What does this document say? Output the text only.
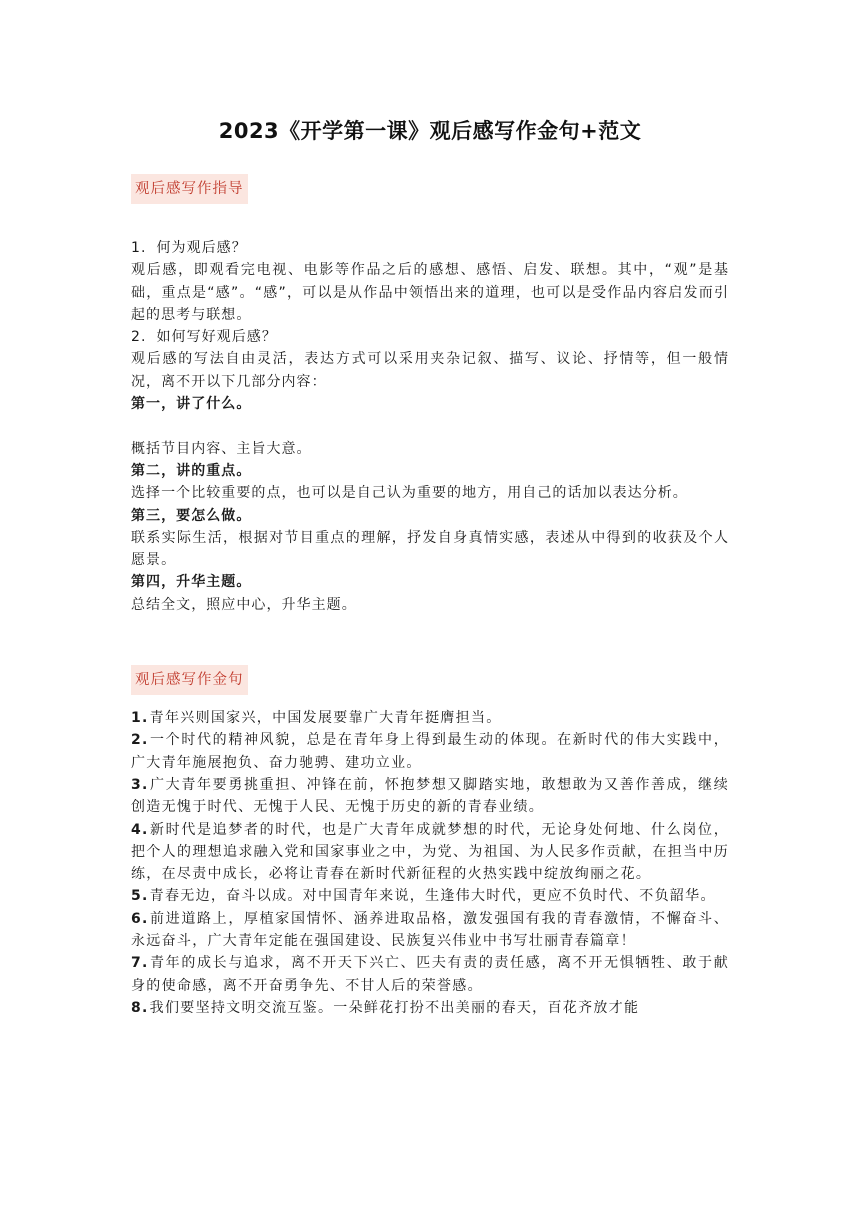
2023《开学第一课》观后感写作金句+范文
观后感写作指导

1. 何为观后感？

观后感，即观看完电视、电影等作品之后的感想、感悟、启发、联想。其中，“观”是基础，重点是“感”。“感”，可以是从作品中领悟出来的道理，也可以是受作品内容启发而引起的思考与联想。

2. 如何写好观后感？

观后感的写法自由灵活，表达方式可以采用夹杂记叙、描写、议论、抒情等，但一般情况，离不开以下几部分内容：

第一，讲了什么。

概括节目内容、主旨大意。

第二，讲的重点。

选择一个比较重要的点，也可以是自己认为重要的地方，用自己的话加以表达分析。

第三，要怎么做。

联系实际生活，根据对节目重点的理解，抒发自身真情实感，表述从中得到的收获及个人愿景。

第四，升华主题。

总结全文，照应中心，升华主题。

观后感写作金句

1.青年兴则国家兴，中国发展要靠广大青年挺膺担当。

2.一个时代的精神风貌，总是在青年身上得到最生动的体现。在新时代的伟大实践中，广大青年施展抱负、奋力驰骋、建功立业。

3.广大青年要勇挑重担、冲锋在前，怀抱梦想又脚踏实地，敢想敢为又善作善成，继续创造无愧于时代、无愧于人民、无愧于历史的新的青春业绩。

4.新时代是追梦者的时代，也是广大青年成就梦想的时代，无论身处何地、什么岗位，把个人的理想追求融入党和国家事业之中，为党、为祖国、为人民多作贡献，在担当中历练，在尽责中成长，必将让青春在新时代新征程的火热实践中绽放绚丽之花。

5.青春无边，奋斗以成。对中国青年来说，生逢伟大时代，更应不负时代、不负韶华。

6.前进道路上，厚植家国情怀、涵养进取品格，激发强国有我的青春激情，不懈奋斗、永远奋斗，广大青年定能在强国建设、民族复兴伟业中书写壮丽青春篇章！

7.青年的成长与追求，离不开天下兴亡、匹夫有责的责任感，离不开无惧牺牲、敢于献身的使命感，离不开奋勇争先、不甘人后的荣誉感。

8.我们要坚持文明交流互鉴。一朵鲜花打扮不出美丽的春天，百花齐放才能
